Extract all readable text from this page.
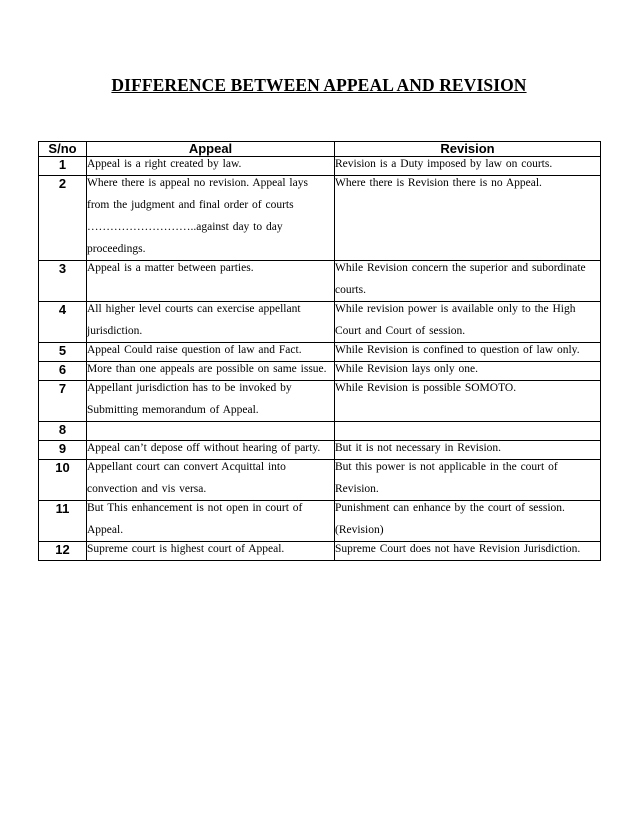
DIFFERENCE BETWEEN APPEAL AND REVISION
S/no	Appeal	Revision
1	Appeal is a right created by law.	Revision is a Duty imposed by law on courts.

2	Where there is appeal no revision. Appeal lays from the judgment and final order of courts ………………………..against day to day proceedings.	Where there is Revision there is no Appeal.

3	Appeal is a matter between parties.	While Revision concern the superior and subordinate courts.

4	All higher level courts can exercise appellant jurisdiction.	While revision power is available only to the High Court and Court of session.

5	Appeal Could raise question of law and Fact.	While Revision is confined to question of law only.

6	More than one appeals are possible on same issue.	While Revision lays only one.

7	Appellant jurisdiction has to be invoked by Submitting memorandum of Appeal.	While Revision is possible SOMOTO.

8	

9	Appeal can’t depose off without hearing of party.	But it is not necessary in Revision.

10	Appellant court can convert Acquittal into convection and vis versa.	But this power is not applicable in the court of Revision.

11	But This enhancement is not open in court of Appeal.	Punishment can enhance by the court of session.(Revision)

12	Supreme court is highest court of Appeal.	Supreme Court does not have Revision Jurisdiction.
